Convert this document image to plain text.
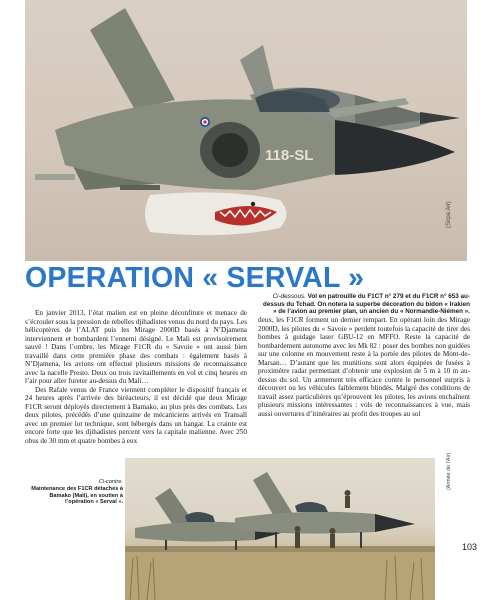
118-SL
(Sirpa Air)
OPERATION « SERVAL »
Ci-dessous. Vol en patrouille du F1CT n° 279 et du F1CR n° 653 au-dessus du Tchad. On notera la superbe décoration du bidon « Irakien » de l’avion au premier plan, un ancien du « Normandie-Niémen ».

En janvier 2013, l’état malien est en pleine déconfiture et menace de s’écrouler sous la pression de rebelles djihadistes venus du nord du pays. Les hélicoptères de l’ALAT puis les Mirage 2000D basés à N’Djamena interviennent et bombardent l’ennemi désigné. Le Mali est provisoirement sauvé ! Dans l’ombre, les Mirage F1CR du « Savoie » ont aussi bien travaillé dans cette première phase des combats : également basés à N’Djamena, les avions ont effectué plusieurs missions de reconnaissance avec la nacelle Presto. Deux ou trois ravitaillements en vol et cinq heures en l’air pour aller fureter au-dessus du Mali…

Des Rafale venus de France viennent compléter le dispositif français et 24 heures après l’arrivée des biréacteurs, il est décidé que deux Mirage F1CR seront déployés directement à Bamako, au plus près des combats. Les deux pilotes, précédés d’une quinzaine de mécaniciens arrivés en Transall avec un premier lot technique, sont hébergés dans un hangar. La crainte est encore forte que les djihadistes percent vers la capitale malienne. Avec 250 obus de 30 mm et quatre bombes à eux

deux, les F1CR forment un dernier rempart. En opérant loin des Mirage 2000D, les pilotes du « Savoie » perdent toutefois la capacité de tirer des bombes à guidage laser GBU-12 en MFFO. Reste la capacité de bombardement autonome avec les Mk 82 : poser des bombes non guidées sur une colonne en mouvement reste à la portée des pilotes de Mont-de-Marsan… D’autant que les munitions sont alors équipées de fusées à proximètre radar permettant d’obtenir une explosion de 5 m à 10 m au-dessus du sol. Un armement très efficace contre le personnel surpris à découvert ou les véhicules faiblement blindés. Malgré des conditions de travail assez particulières qu’éprouvent les pilotes, les avions enchaînent plusieurs missions intéressantes : vols de reconnaissances à vue, mais aussi ouvertures d’itinéraires au profit des troupes au sol

Ci-contre.
Maintenance des F1CR détachés à Bamako (Mali), en soutien à l’opération « Serval ».
(Armée de l'Air)
103
